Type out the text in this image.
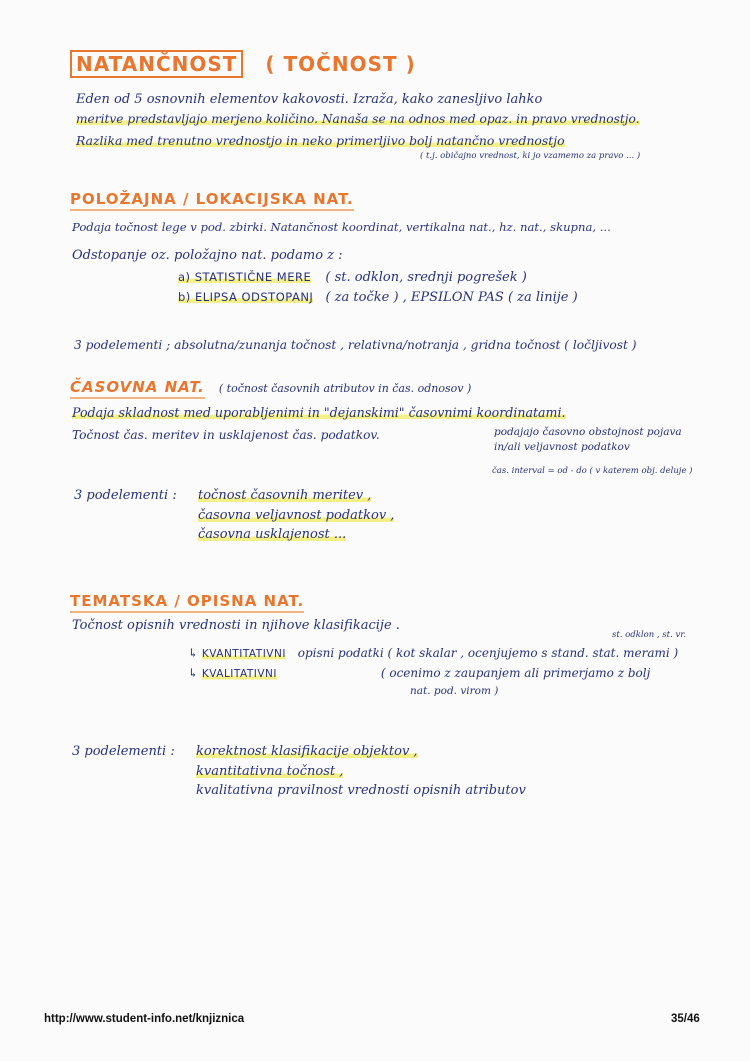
NATANČNOST ( TOČNOST )
Eden od 5 osnovnih elementov kakovosti. Izraža, kako zanesljivo lahko
meritve predstavljajo merjeno količino. Nanaša se na odnos med opaz. in pravo vrednostjo.
Razlika med trenutno vrednostjo in neko primerljivo bolj natančno vrednostjo
( t.j. običajno vrednost, ki jo vzamemo za pravo ... )
POLOŽAJNA / LOKACIJSKA NAT.
Podaja točnost lege v pod. zbirki. Natančnost koordinat, vertikalna nat., hz. nat., skupna, ...
Odstopanje oz. položajno nat. podamo z :
a) STATISTIČNE MERE ( st. odklon, srednji pogrešek )
b) ELIPSA ODSTOPANJ ( za točke ) , EPSILON PAS ( za linije )
3 podelementi ; absolutna/zunanja točnost , relativna/notranja , gridna točnost ( ločljivost )
ČASOVNA NAT. ( točnost časovnih atributov in čas. odnosov )
Podaja skladnost med uporabljenimi in "dejanskimi" časovnimi koordinatami.
Točnost čas. meritev in usklajenost čas. podatkov.	podajajo časovno obstojnost pojava
in/ali veljavnost podatkov
čas. interval = od - do ( v katerem obj. deluje )
3 podelementi : točnost časovnih meritev ,
časovna veljavnost podatkov ,
časovna usklajenost ...
TEMATSKA / OPISNA NAT.
Točnost opisnih vrednosti in njihove klasifikacije .
st. odklon , st. vr.
↳ KVANTITATIVNI opisni podatki ( kot skalar , ocenjujemo s stand. stat. merami )
↳ KVALITATIVNI	( ocenimo z zaupanjem ali primerjamo z bolj
nat. pod. virom )
3 podelementi : korektnost klasifikacije objektov ,
kvantitativna točnost ,
kvalitativna pravilnost vrednosti opisnih atributov
http://www.student-info.net/knjiznica	35/46
